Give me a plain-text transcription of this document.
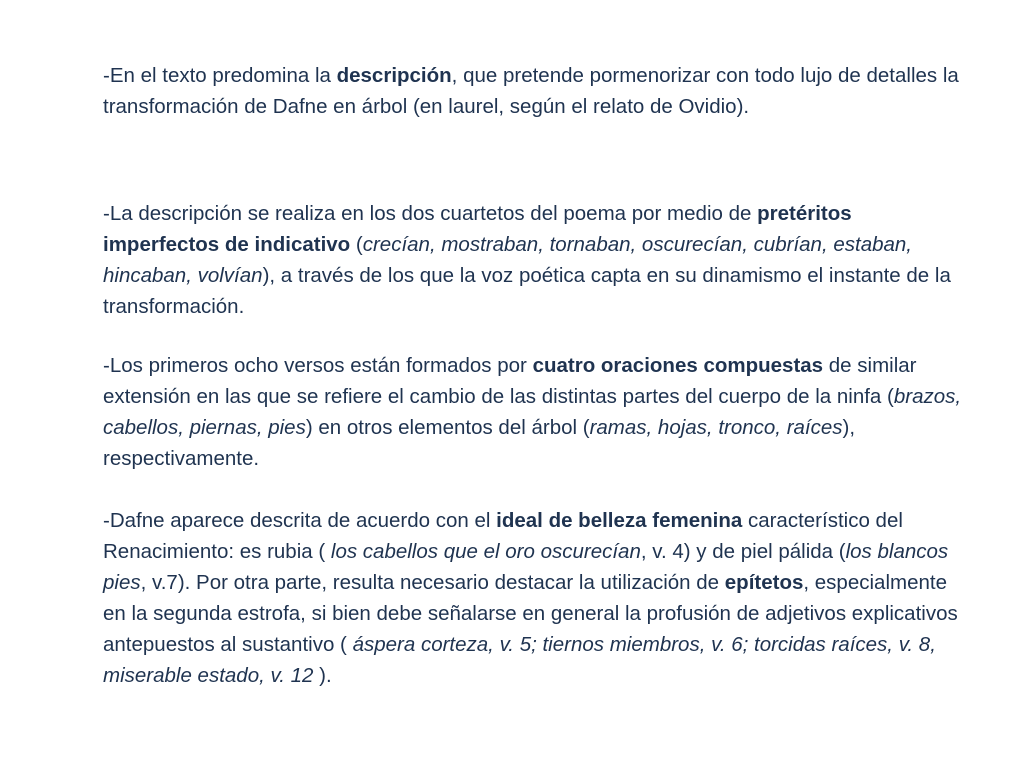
-En el texto predomina la descripción, que pretende pormenorizar con todo lujo de detalles la transformación de Dafne en árbol (en laurel, según el relato de Ovidio).

-La descripción se realiza en los dos cuartetos del poema por medio de pretéritos imperfectos de indicativo (crecían, mostraban, tornaban, oscurecían, cubrían, estaban, hincaban, volvían), a través de los que la voz poética capta en su dinamismo el instante de la transformación.

-Los primeros ocho versos están formados por cuatro oraciones compuestas de similar extensión en las que se refiere el cambio de las distintas partes del cuerpo de la ninfa (brazos, cabellos, piernas, pies) en otros elementos del árbol (ramas, hojas, tronco, raíces), respectivamente.

-Dafne aparece descrita de acuerdo con el ideal de belleza femenina característico del Renacimiento: es rubia ( los cabellos que el oro oscurecían, v. 4) y de piel pálida (los blancos pies, v.7). Por otra parte, resulta necesario destacar la utilización de epítetos, especialmente en la segunda estrofa, si bien debe señalarse en general la profusión de adjetivos explicativos antepuestos al sustantivo ( áspera corteza, v. 5; tiernos miembros, v. 6; torcidas raíces, v. 8, miserable estado, v. 12 ).
